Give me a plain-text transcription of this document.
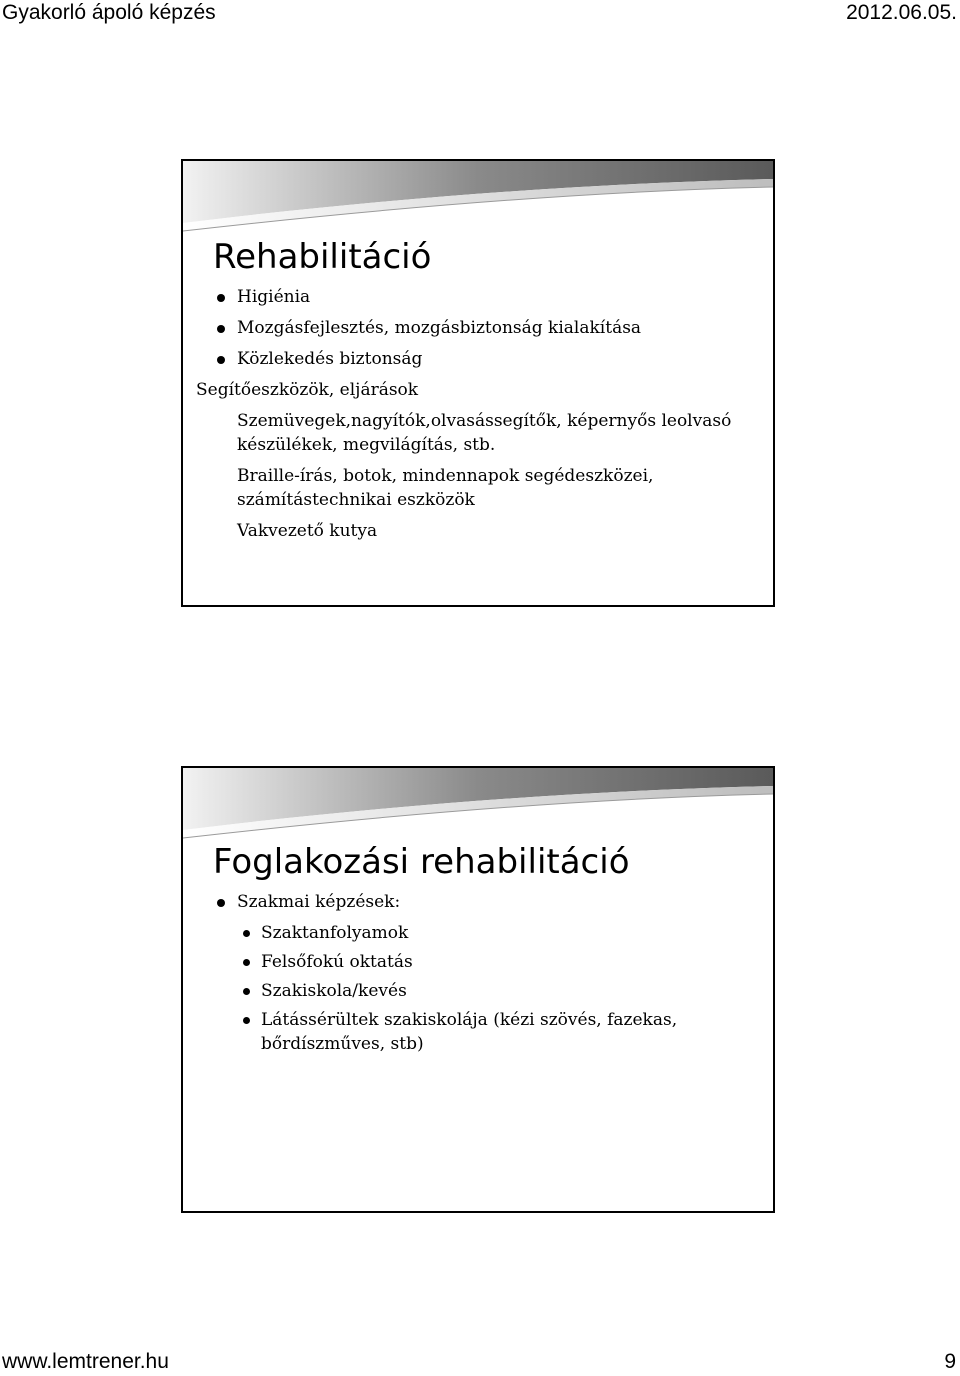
Gyakorló ápoló képzés	2012.06.05.
Rehabilitáció
Higiénia
Mozgásfejlesztés, mozgásbiztonság kialakítása
Közlekedés biztonság
Segítőeszközök, eljárások
Szemüvegek,nagyítók,olvasássegítők, képernyős leolvasó készülékek, megvilágítás, stb.
Braille-írás, botok, mindennapok segédeszközei, számítástechnikai eszközök
Vakvezető kutya
Foglakozási rehabilitáció
Szakmai képzések:
Szaktanfolyamok
Felsőfokú oktatás
Szakiskola/kevés
Látássérültek szakiskolája (kézi szövés, fazekas, bőrdíszműves, stb)
www.lemtrener.hu	9
